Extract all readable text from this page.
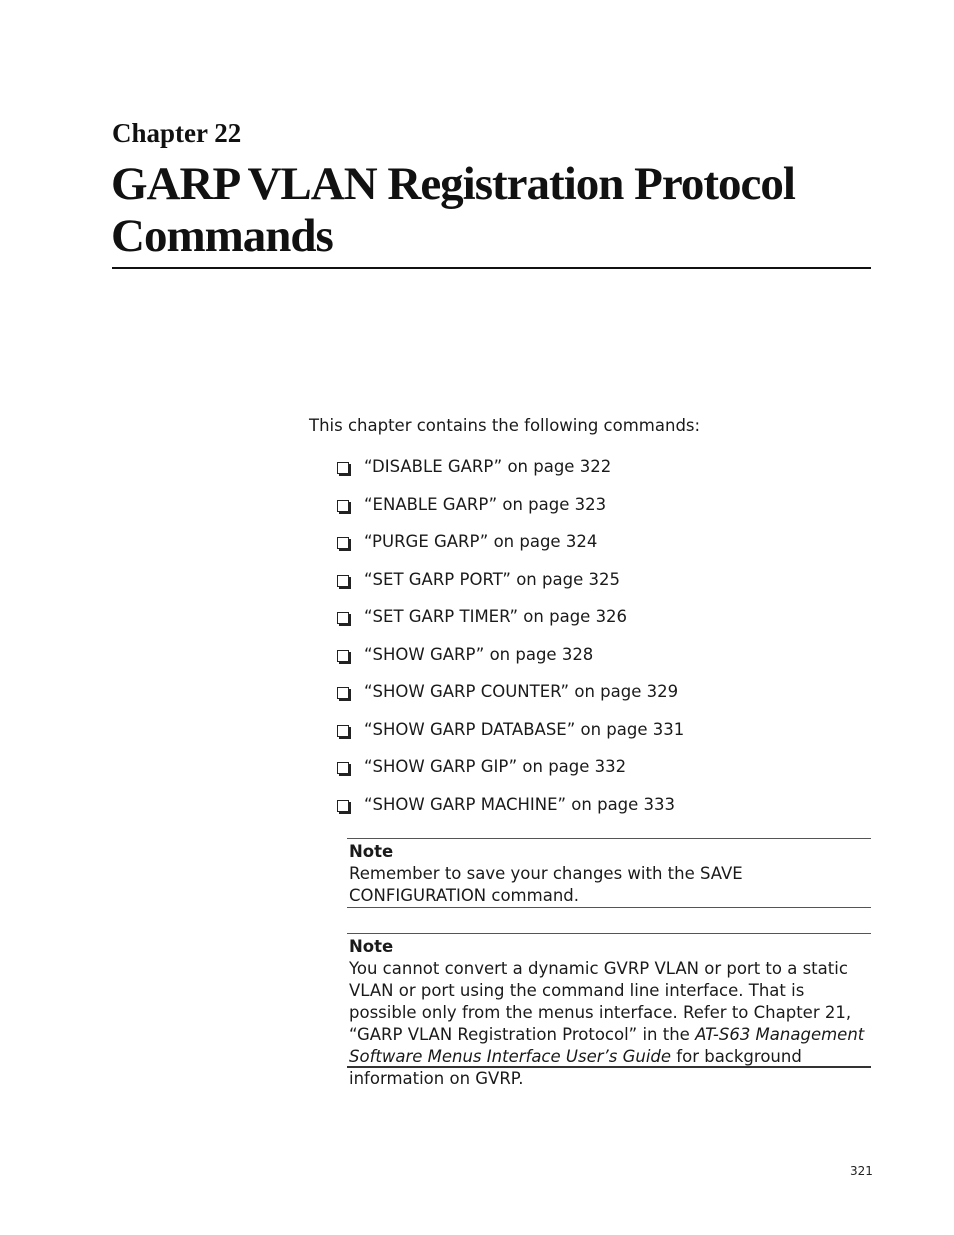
Chapter 22
GARP VLAN Registration Protocol Commands
This chapter contains the following commands:
“DISABLE GARP” on page 322
“ENABLE GARP” on page 323
“PURGE GARP” on page 324
“SET GARP PORT” on page 325
“SET GARP TIMER” on page 326
“SHOW GARP” on page 328
“SHOW GARP COUNTER” on page 329
“SHOW GARP DATABASE” on page 331
“SHOW GARP GIP” on page 332
“SHOW GARP MACHINE” on page 333
Note
Remember to save your changes with the SAVE CONFIGURATION command.
Note
You cannot convert a dynamic GVRP VLAN or port to a static VLAN or port using the command line interface. That is possible only from the menus interface. Refer to Chapter 21, “GARP VLAN Registration Protocol” in the AT-S63 Management Software Menus Interface User’s Guide for background information on GVRP.
321
